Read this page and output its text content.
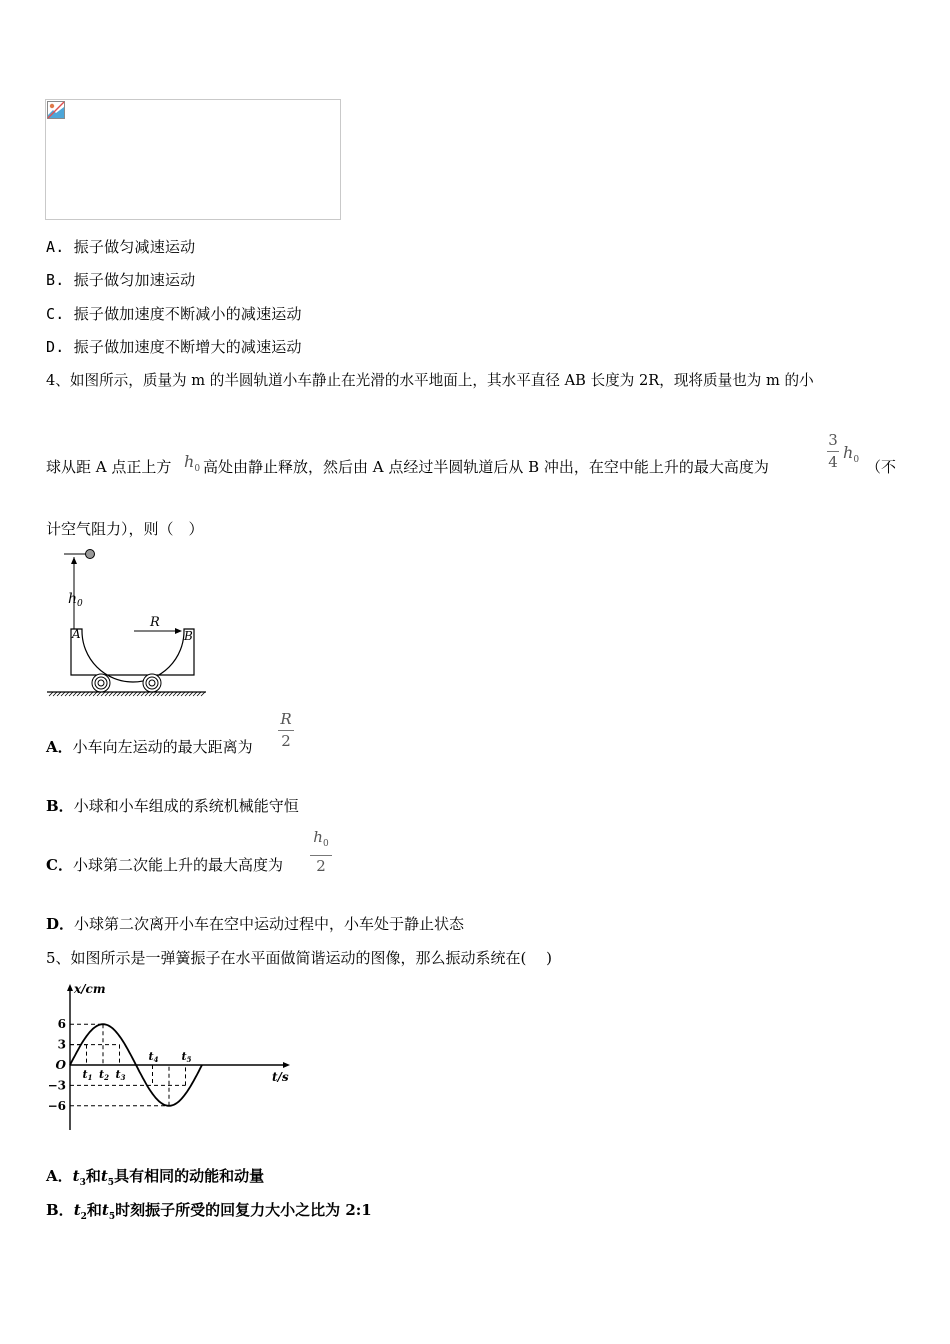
A. 振子做匀减速运动
B. 振子做匀加速运动
C. 振子做加速度不断减小的减速运动
D. 振子做加速度不断增大的减速运动
4、如图所示，质量为 m 的半圆轨道小车静止在光滑的水平地面上，其水平直径 AB 长度为 2R，现将质量也为 m 的小
球从距 A 点正上方 $h_0$ 高处由静止释放，然后由 A 点经过半圆轨道后从 B 冲出，在空中能上升的最大高度为
3
4 $h_0$ （不
计空气阻力），则（　）
$h_0$
A	B
R
A．小车向左运动的最大距离为
R
2
B．小球和小车组成的系统机械能守恒
C．小球第二次能上升的最大高度为
$h_0$
2
D．小球第二次离开小车在空中运动过程中，小车处于静止状态
5、如图所示是一弹簧振子在水平面做简谐运动的图像，那么振动系统在(　 )
x/cm
t/s
6
3
O
−3
−6
t1 t2 t3
t4 t5
A．$t_3$和$t_5$具有相同的动能和动量
B．$t_2$和$t_5$时刻振子所受的回复力大小之比为 2:1
